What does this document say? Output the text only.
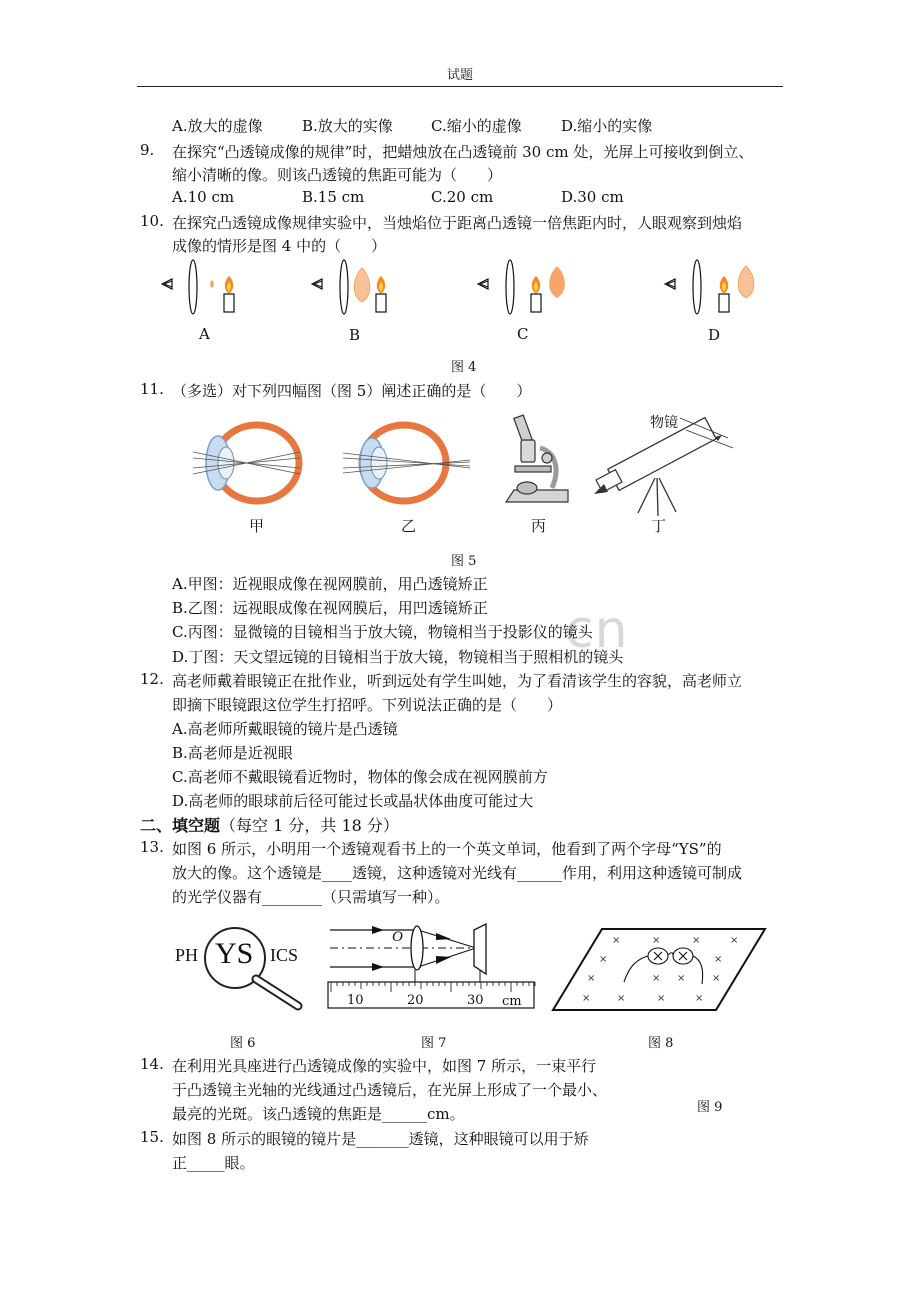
cn
试题
A.放大的虚像	B.放大的实像	C.缩小的虚像	D.缩小的实像
9. 在探究“凸透镜成像的规律”时，把蜡烛放在凸透镜前 30 cm 处，光屏上可接收到倒立、
缩小清晰的像。则该凸透镜的焦距可能为（　　）
A.10 cm	B.15 cm	C.20 cm	D.30 cm
10. 在探究凸透镜成像规律实验中，当烛焰位于距离凸透镜一倍焦距内时，人眼观察到烛焰
成像的情形是图 4 中的（　　）
A	B	C	D
图 4
11. （多选）对下列四幅图（图 5）阐述正确的是（　　）
物镜
甲	乙	丙	丁
图 5
A.甲图：近视眼成像在视网膜前，用凸透镜矫正
B.乙图：远视眼成像在视网膜后，用凹透镜矫正
C.丙图：显微镜的目镜相当于放大镜，物镜相当于投影仪的镜头
D.丁图：天文望远镜的目镜相当于放大镜，物镜相当于照相机的镜头
12. 高老师戴着眼镜正在批作业，听到远处有学生叫她，为了看清该学生的容貌，高老师立
即摘下眼镜跟这位学生打招呼。下列说法正确的是（　　）
A.高老师所戴眼镜的镜片是凸透镜
B.高老师是近视眼
C.高老师不戴眼镜看近物时，物体的像会成在视网膜前方
D.高老师的眼球前后径可能过长或晶状体曲度可能过大
二、填空题（每空 1 分，共 18 分）
13. 如图 6 所示，小明用一个透镜观看书上的一个英文单词，他看到了两个字母“YS”的
放大的像。这个透镜是____透镜，这种透镜对光线有______作用，利用这种透镜可制成
的光学仪器有________（只需填写一种）。
PH YS ICS
图 6
O
10	20	30 cm
图 7
×	×	×	×
×	×
×	× ×	×
×	×	×	×
图 8
14. 在利用光具座进行凸透镜成像的实验中，如图 7 所示，一束平行
于凸透镜主光轴的光线通过凸透镜后，在光屏上形成了一个最小、
最亮的光斑。该凸透镜的焦距是______cm。	图 9
15. 如图 8 所示的眼镜的镜片是_______透镜，这种眼镜可以用于矫
正_____眼。
